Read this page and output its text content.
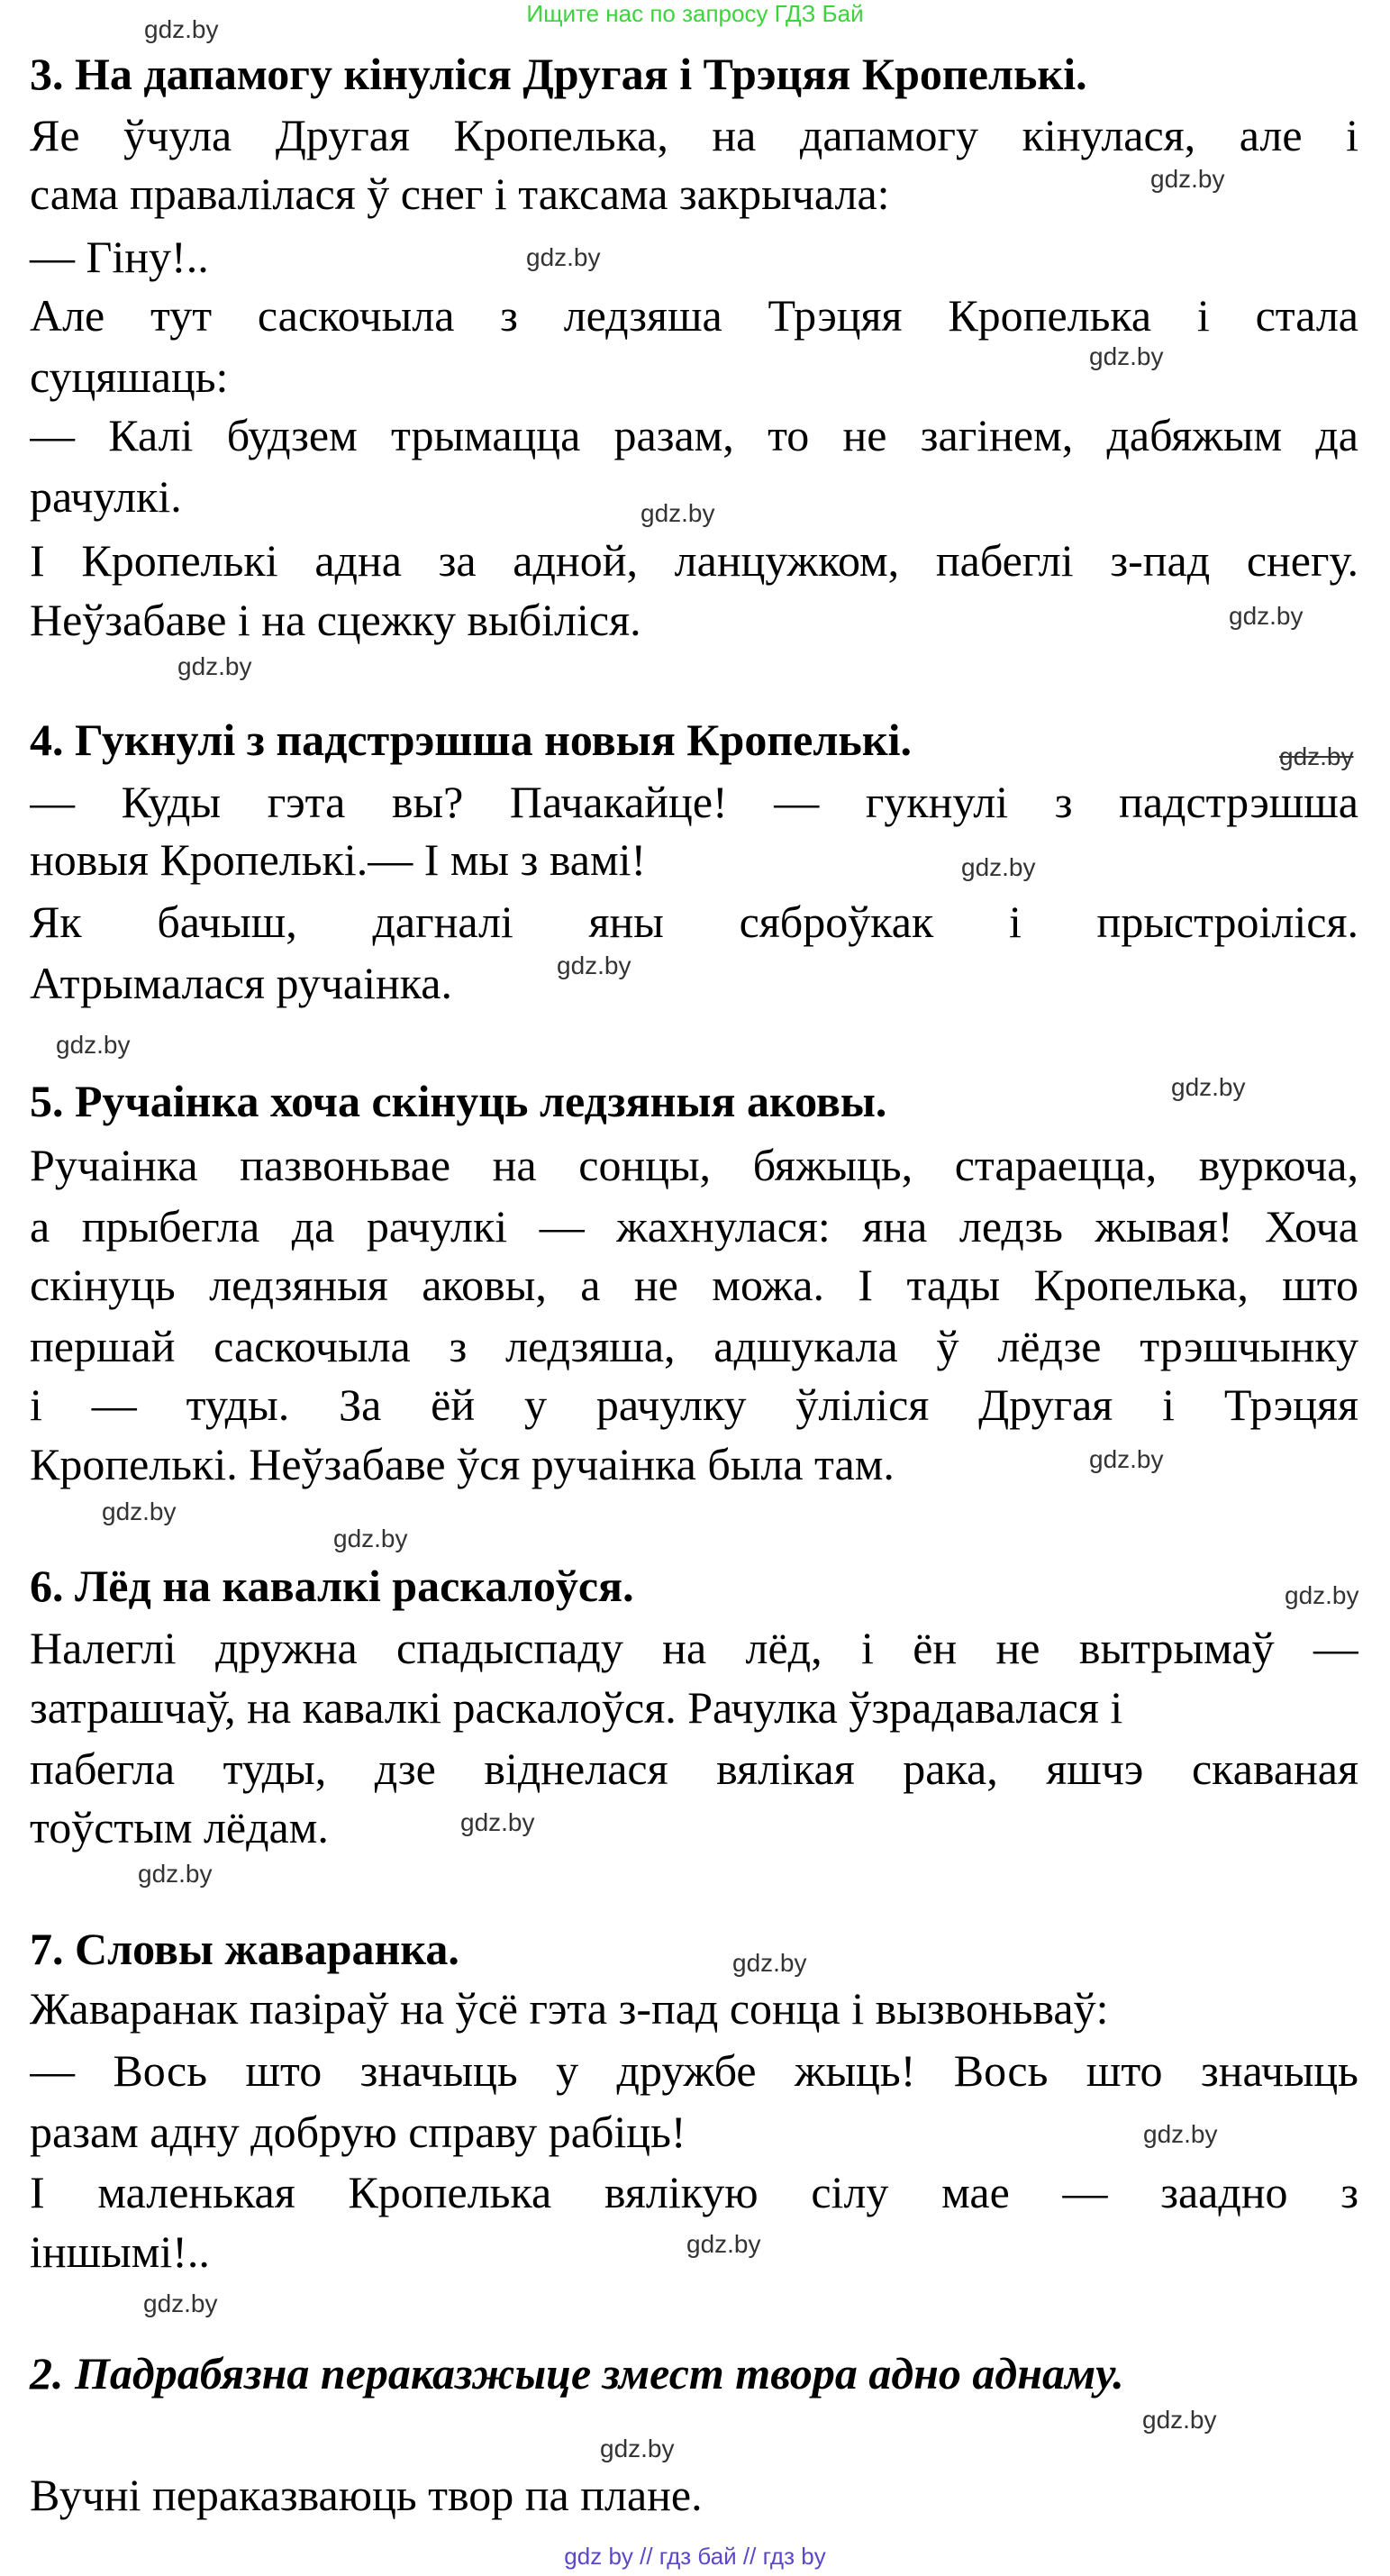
Ищите нас по запросу ГДЗ Бай
3. На дапамогу кінуліся Другая і Трэцяя Кропелькі.
Яе ўчула Другая Кропелька, на дапамогу кінулася, але і
сама правалілася ў снег і таксама закрычала:
— Гіну!..
Але тут саскочыла з ледзяша Трэцяя Кропелька і стала
суцяшаць:
— Калі будзем трымацца разам, то не загінем, дабяжым да
рачулкі.
І Кропелькі адна за адной, ланцужком, пабеглі з-пад снегу.
Неўзабаве і на сцежку выбіліся.
4. Гукнулі з падстрэшша новыя Кропелькі.
— Куды гэта вы? Пачакайце! — гукнулі з падстрэшша
новыя Кропелькі.— І мы з вамі!
Як бачыш, дагналі яны сяброўкак і прыстроіліся.
Атрымалася ручаінка.
5. Ручаінка хоча скінуць ледзяныя аковы.
Ручаінка пазвоньвае на сонцы, бяжыць, стараецца, вуркоча,
а прыбегла да рачулкі — жахнулася: яна ледзь жывая! Хоча
скінуць ледзяныя аковы, а не можа. І тады Кропелька, што
першай саскочыла з ледзяша, адшукала ў лёдзе трэшчынку
і — туды. За ёй у рачулку ўліліся Другая і Трэцяя
Кропелькі. Неўзабаве ўся ручаінка была там.
6. Лёд на кавалкі раскалоўся.
Налеглі дружна спадыспаду на лёд, і ён не вытрымаў —
затрашчаў, на кавалкі раскалоўся. Рачулка ўзрадавалася і
пабегла туды, дзе віднелася вялікая рака, яшчэ скаваная
тоўстым лёдам.
7. Словы жаваранка.
Жаваранак пазіраў на ўсё гэта з-пад сонца і вызвоньваў:
— Вось што значыць у дружбе жыць! Вось што значыць
разам адну добрую справу рабіць!
І маленькая Кропелька вялікую сілу мае — заадно з
іншымі!..
2. Падрабязна пераказжыце змест твора адно аднаму.
Вучні пераказваюць твор па плане.
gdz.by
gdz.by
gdz.by
gdz.by
gdz.by
gdz.by
gdz.by
gdz.by
gdz.by
gdz.by
gdz.by
gdz.by
gdz.by
gdz.by
gdz.by
gdz.by
gdz.by
gdz.by
gdz.by
gdz.by
gdz.by
gdz.by
gdz.by
gdz.by
gdz by // гдз бай // гдз by
